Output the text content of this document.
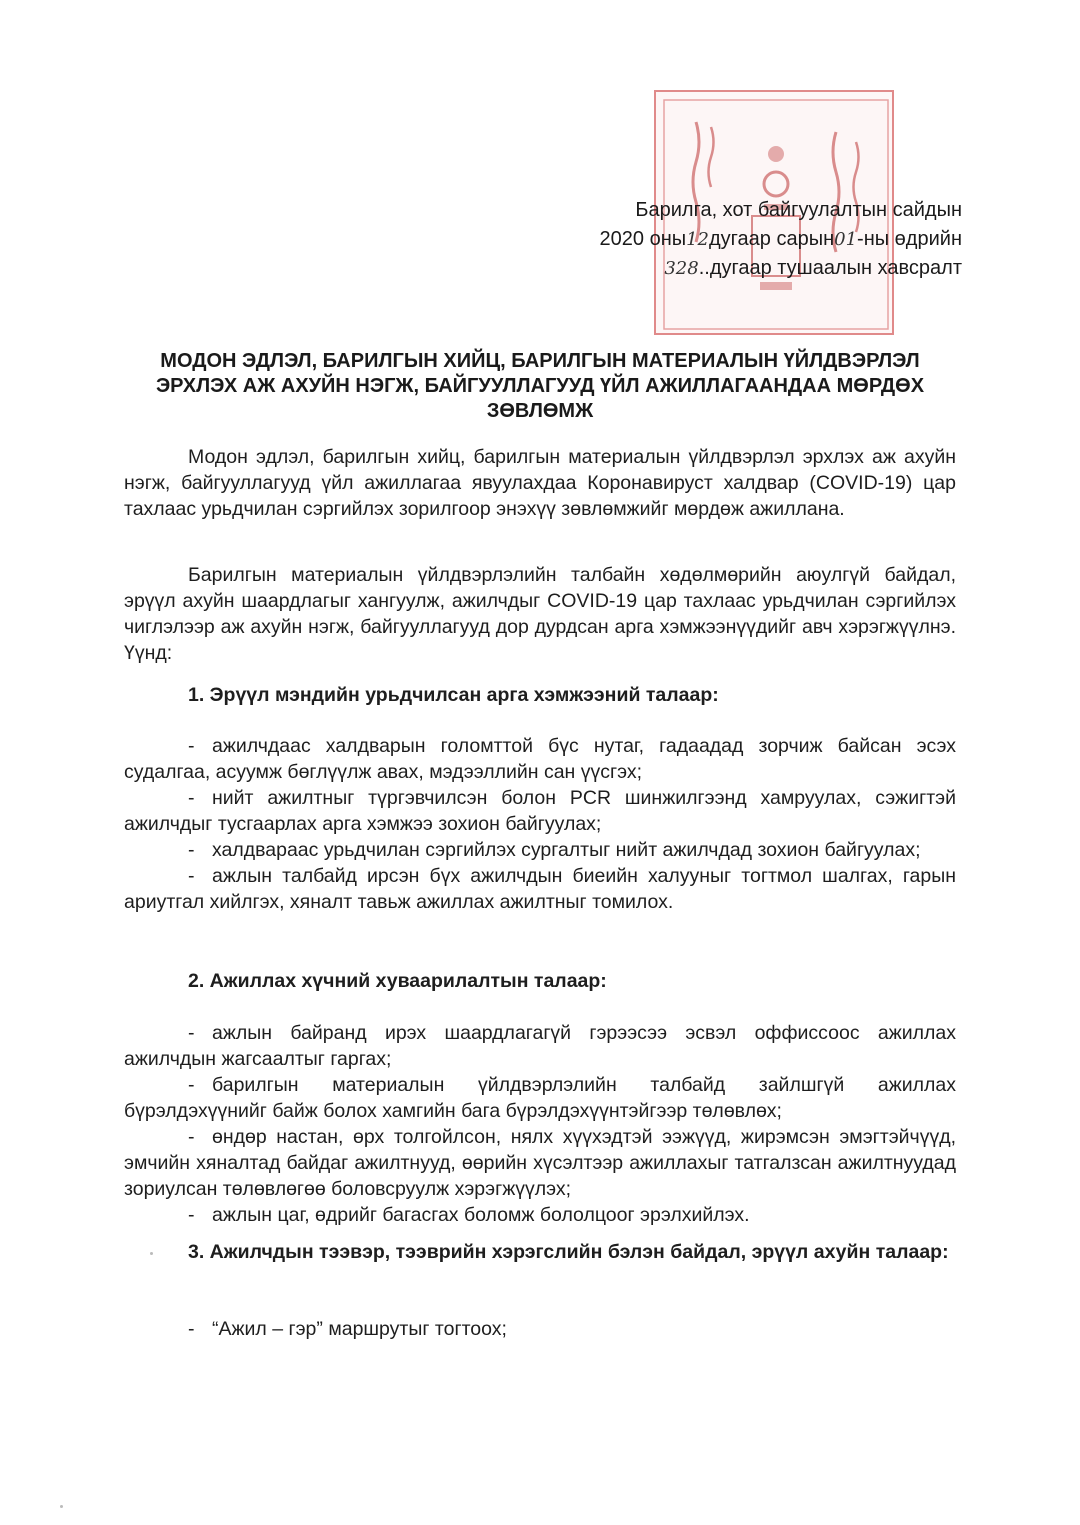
Барилга, хот байгуулалтын сайдын
2020 оны12дугаар сарын01-ны өдрийн
328..дугаар тушаалын хавсралт
МОДОН ЭДЛЭЛ, БАРИЛГЫН ХИЙЦ, БАРИЛГЫН МАТЕРИАЛЫН ҮЙЛДВЭРЛЭЛ
ЭРХЛЭХ АЖ АХУЙН НЭГЖ, БАЙГУУЛЛАГУУД ҮЙЛ АЖИЛЛАГААНДАА МӨРДӨХ
ЗӨВЛӨМЖ

Модон эдлэл, барилгын хийц, барилгын материалын үйлдвэрлэл эрхлэх аж ахуйн нэгж, байгууллагууд үйл ажиллагаа явуулахдаа Коронавируст халдвар (COVID-19) цар тахлаас урьдчилан сэргийлэх зорилгоор энэхүү зөвлөмжийг мөрдөж ажиллана.

Барилгын материалын үйлдвэрлэлийн талбайн хөдөлмөрийн аюулгүй байдал, эрүүл ахуйн шаардлагыг хангуулж, ажилчдыг COVID-19 цар тахлаас урьдчилан сэргийлэх чиглэлээр аж ахуйн нэгж, байгууллагууд дор дурдсан арга хэмжээнүүдийг авч хэрэгжүүлнэ. Үүнд:

1. Эрүүл мэндийн урьдчилсан арга хэмжээний талаар:

- ажилчдаас халдварын голомттой бүс нутаг, гадаадад зорчиж байсан эсэх судалгаа, асуумж бөглүүлж авах, мэдээллийн сан үүсгэх;

- нийт ажилтныг түргэвчилсэн болон PCR шинжилгээнд хамруулах, сэжигтэй ажилчдыг тусгаарлах арга хэмжээ зохион байгуулах;

- халдвараас урьдчилан сэргийлэх сургалтыг нийт ажилчдад зохион байгуулах;

- ажлын талбайд ирсэн бүх ажилчдын биеийн халууныг тогтмол шалгах, гарын ариутгал хийлгэх, хяналт тавьж ажиллах ажилтныг томилох.

2. Ажиллах хүчний хуваарилалтын талаар:

- ажлын байранд ирэх шаардлагагүй гэрээсээ эсвэл оффиссоос ажиллах ажилчдын жагсаалтыг гаргах;

- барилгын материалын үйлдвэрлэлийн талбайд зайлшгүй ажиллах бүрэлдэхүүнийг байж болох хамгийн бага бүрэлдэхүүнтэйгээр төлөвлөх;

- өндөр настан, өрх толгойлсон, нялх хүүхэдтэй ээжүүд, жирэмсэн эмэгтэйчүүд, эмчийн хяналтад байдаг ажилтнууд, өөрийн хүсэлтээр ажиллахыг татгалзсан ажилтнуудад зориулсан төлөвлөгөө боловсруулж хэрэгжүүлэх;

- ажлын цаг, өдрийг багасгах боломж бололцоог эрэлхийлэх.

3. Ажилчдын тээвэр, тээврийн хэрэгслийн бэлэн байдал, эрүүл ахуйн талаар:

- “Ажил – гэр” маршрутыг тогтоох;
